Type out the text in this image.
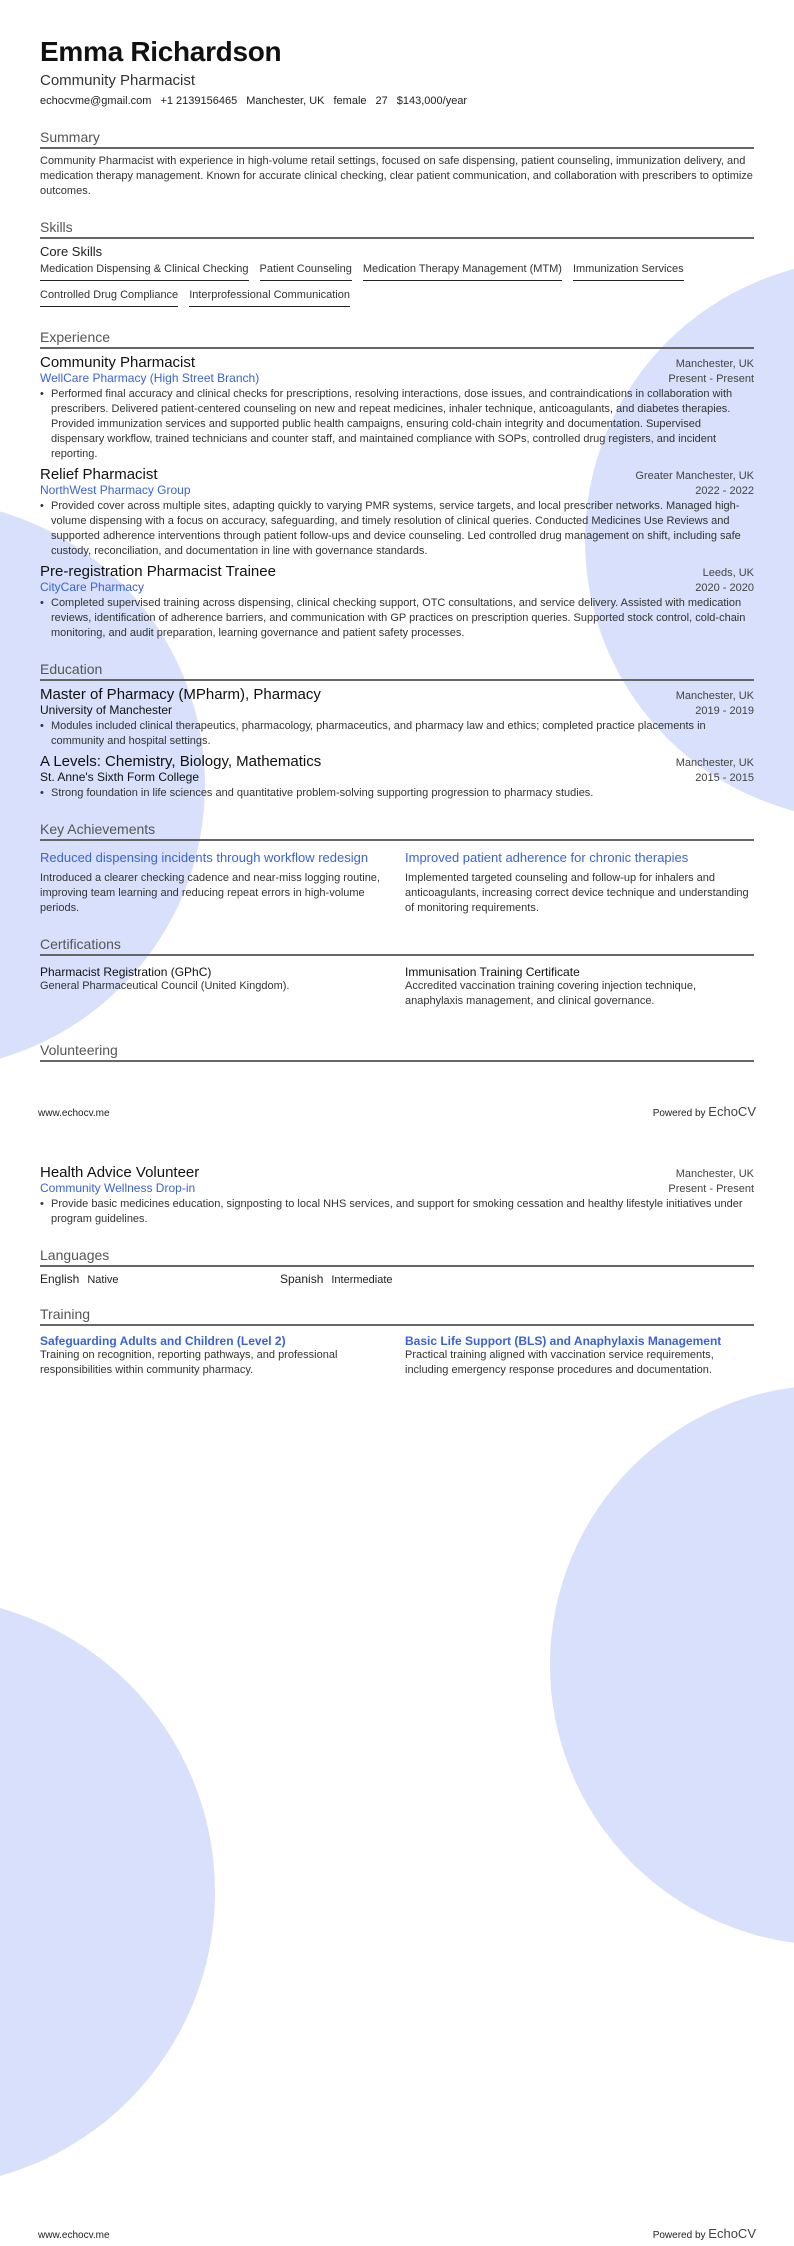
Emma Richardson
Community Pharmacist
echocvme@gmail.com +1 2139156465 Manchester, UK female 27 $143,000/year
Summary
Community Pharmacist with experience in high-volume retail settings, focused on safe dispensing, patient counseling, immunization delivery, and medication therapy management. Known for accurate clinical checking, clear patient communication, and collaboration with prescribers to optimize outcomes.
Skills
Core Skills
Medication Dispensing & Clinical Checking Patient Counseling Medication Therapy Management (MTM) Immunization Services
Controlled Drug Compliance Interprofessional Communication
Experience
Community Pharmacist	Manchester, UK
WellCare Pharmacy (High Street Branch)	Present - Present
• Performed final accuracy and clinical checks for prescriptions, resolving interactions, dose issues, and contraindications in collaboration with prescribers. Delivered patient-centered counseling on new and repeat medicines, inhaler technique, anticoagulants, and diabetes therapies. Provided immunization services and supported public health campaigns, ensuring cold-chain integrity and documentation. Supervised dispensary workflow, trained technicians and counter staff, and maintained compliance with SOPs, controlled drug registers, and incident reporting.
Relief Pharmacist	Greater Manchester, UK
NorthWest Pharmacy Group	2022 - 2022
• Provided cover across multiple sites, adapting quickly to varying PMR systems, service targets, and local prescriber networks. Managed high-volume dispensing with a focus on accuracy, safeguarding, and timely resolution of clinical queries. Conducted Medicines Use Reviews and supported adherence interventions through patient follow-ups and device counseling. Led controlled drug management on shift, including safe custody, reconciliation, and documentation in line with governance standards.
Pre-registration Pharmacist Trainee	Leeds, UK
CityCare Pharmacy	2020 - 2020
• Completed supervised training across dispensing, clinical checking support, OTC consultations, and service delivery. Assisted with medication reviews, identification of adherence barriers, and communication with GP practices on prescription queries. Supported stock control, cold-chain monitoring, and audit preparation, learning governance and patient safety processes.
Education
Master of Pharmacy (MPharm), Pharmacy	Manchester, UK
University of Manchester	2019 - 2019
• Modules included clinical therapeutics, pharmacology, pharmaceutics, and pharmacy law and ethics; completed practice placements in community and hospital settings.
A Levels: Chemistry, Biology, Mathematics	Manchester, UK
St. Anne's Sixth Form College	2015 - 2015
• Strong foundation in life sciences and quantitative problem-solving supporting progression to pharmacy studies.
Key Achievements
Reduced dispensing incidents through workflow redesign
Introduced a clearer checking cadence and near-miss logging routine, improving team learning and reducing repeat errors in high-volume periods.
Improved patient adherence for chronic therapies
Implemented targeted counseling and follow-up for inhalers and anticoagulants, increasing correct device technique and understanding of monitoring requirements.
Certifications
Pharmacist Registration (GPhC)
General Pharmaceutical Council (United Kingdom).
Immunisation Training Certificate
Accredited vaccination training covering injection technique, anaphylaxis management, and clinical governance.
Volunteering
www.echocv.me	Powered by EchoCV
Health Advice Volunteer	Manchester, UK
Community Wellness Drop-in	Present - Present
• Provide basic medicines education, signposting to local NHS services, and support for smoking cessation and healthy lifestyle initiatives under program guidelines.
Languages
English Native	Spanish Intermediate
Training
Safeguarding Adults and Children (Level 2)
Training on recognition, reporting pathways, and professional responsibilities within community pharmacy.
Basic Life Support (BLS) and Anaphylaxis Management
Practical training aligned with vaccination service requirements, including emergency response procedures and documentation.
www.echocv.me	Powered by EchoCV
